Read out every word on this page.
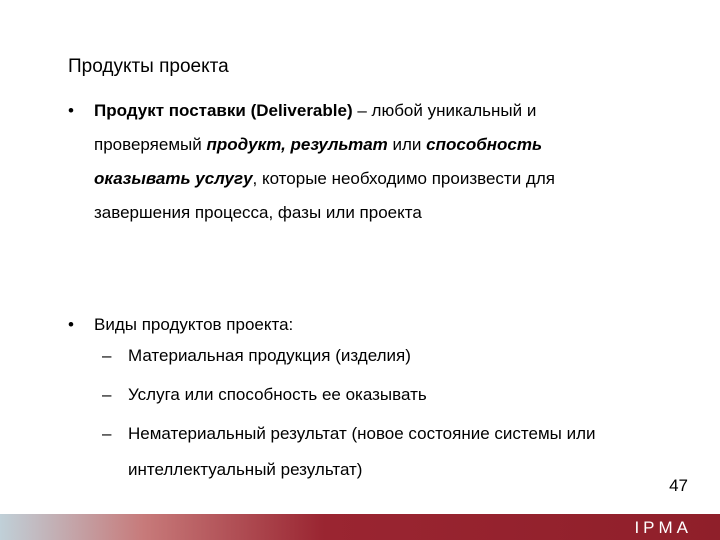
Продукты проекта
• Продукт поставки (Deliverable) – любой уникальный и проверяемый продукт, результат или способность оказывать услугу, которые необходимо произвести для завершения процесса, фазы или проекта
• Виды продуктов проекта:
– Материальная продукция (изделия)
– Услуга или способность ее оказывать
– Нематериальный результат (новое состояние системы или интеллектуальный результат)
47
IPMA
